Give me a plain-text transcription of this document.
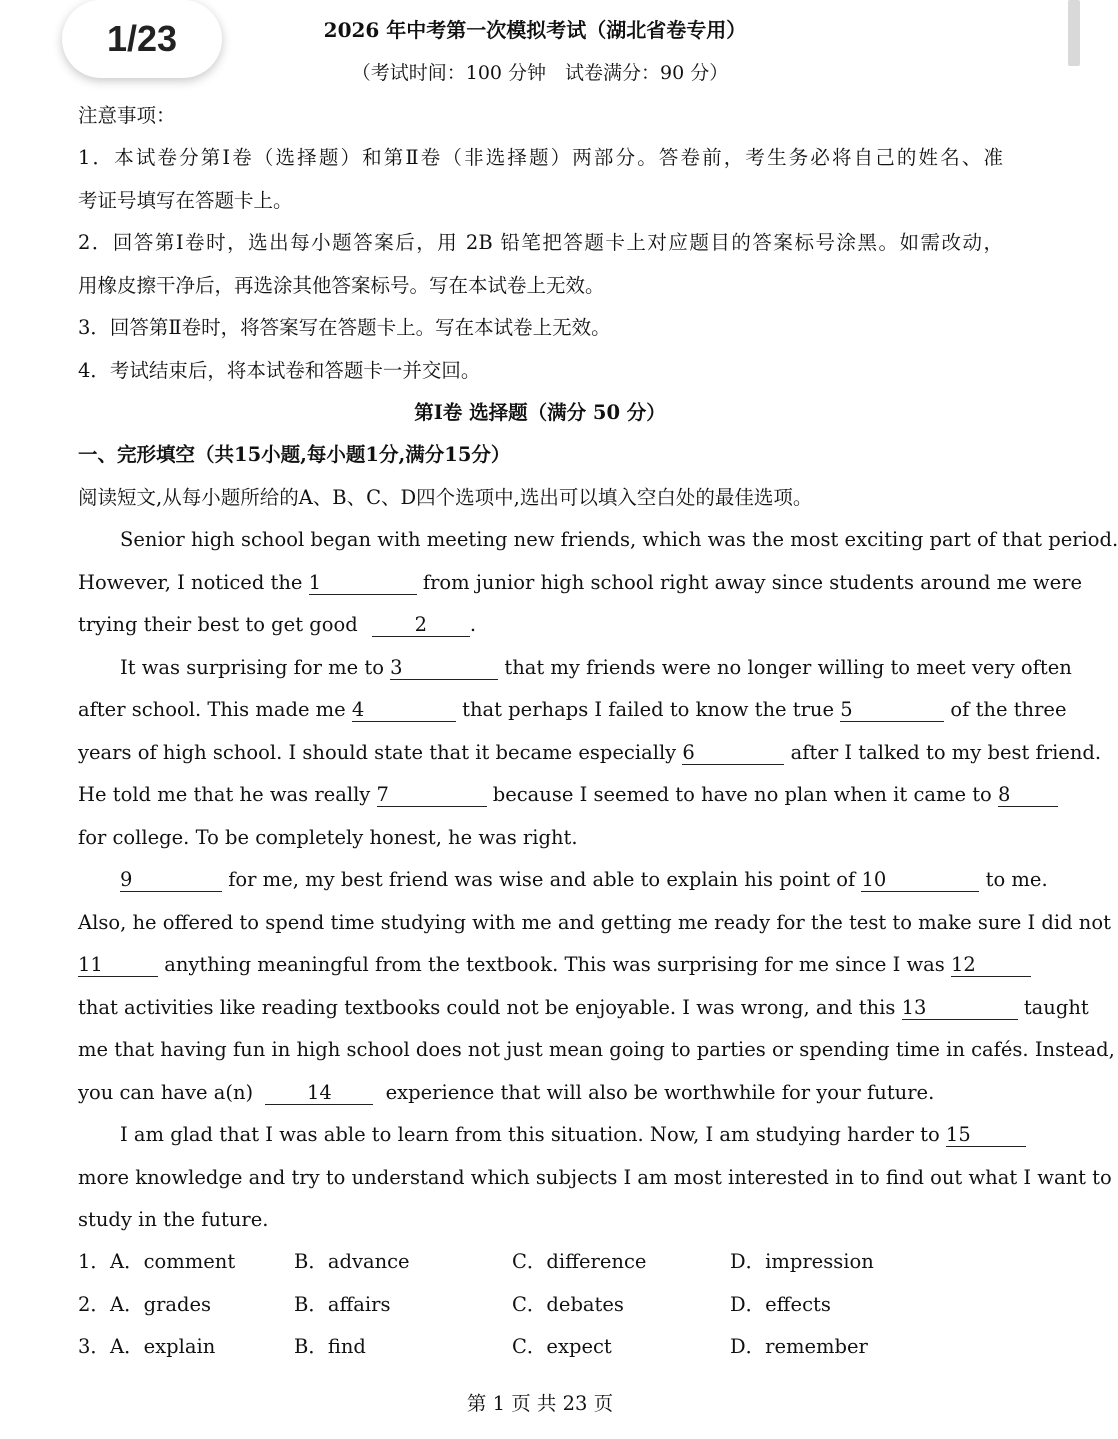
1/23	2026 年中考第一次模拟考试（湖北省卷专用）
（考试时间：100 分钟　试卷满分：90 分）
注意事项：
1．本试卷分第Ⅰ卷（选择题）和第Ⅱ卷（非选择题）两部分。答卷前，考生务必将自己的姓名、准
考证号填写在答题卡上。
2．回答第Ⅰ卷时，选出每小题答案后，用 2B 铅笔把答题卡上对应题目的答案标号涂黑。如需改动，
用橡皮擦干净后，再选涂其他答案标号。写在本试卷上无效。
3．回答第Ⅱ卷时，将答案写在答题卡上。写在本试卷上无效。
4．考试结束后，将本试卷和答题卡一并交回。
第Ⅰ卷 选择题（满分 50 分）
一、完形填空（共15小题,每小题1分,满分15分）
阅读短文,从每小题所给的A、B、C、D四个选项中,选出可以填入空白处的最佳选项。
Senior high school began with meeting new friends, which was the most exciting part of that period.
However, I noticed the 1	from junior high school right away since students around me were
trying their best to get good	2 .
It was surprising for me to 3	that my friends were no longer willing to meet very often
after school. This made me 4	that perhaps I failed to know the true 5	of the three
years of high school. I should state that it became especially 6	after I talked to my best friend.
He told me that he was really 7	because I seemed to have no plan when it came to 8
for college. To be completely honest, he was right.
9	for me, my best friend was wise and able to explain his point of 10	to me.
Also, he offered to spend time studying with me and getting me ready for the test to make sure I did not
11	anything meaningful from the textbook. This was surprising for me since I was 12
that activities like reading textbooks could not be enjoyable. I was wrong, and this 13	taught
me that having fun in high school does not just mean going to parties or spending time in cafés. Instead,
you can have a(n)	14	experience that will also be worthwhile for your future.
I am glad that I was able to learn from this situation. Now, I am studying harder to 15
more knowledge and try to understand which subjects I am most interested in to find out what I want to
study in the future.
1． A．comment	B．advance	C．difference	D．impression
2． A．grades	B．affairs	C．debates	D．effects
3． A．explain	B．find	C．expect	D．remember
第 1 页 共 23 页
